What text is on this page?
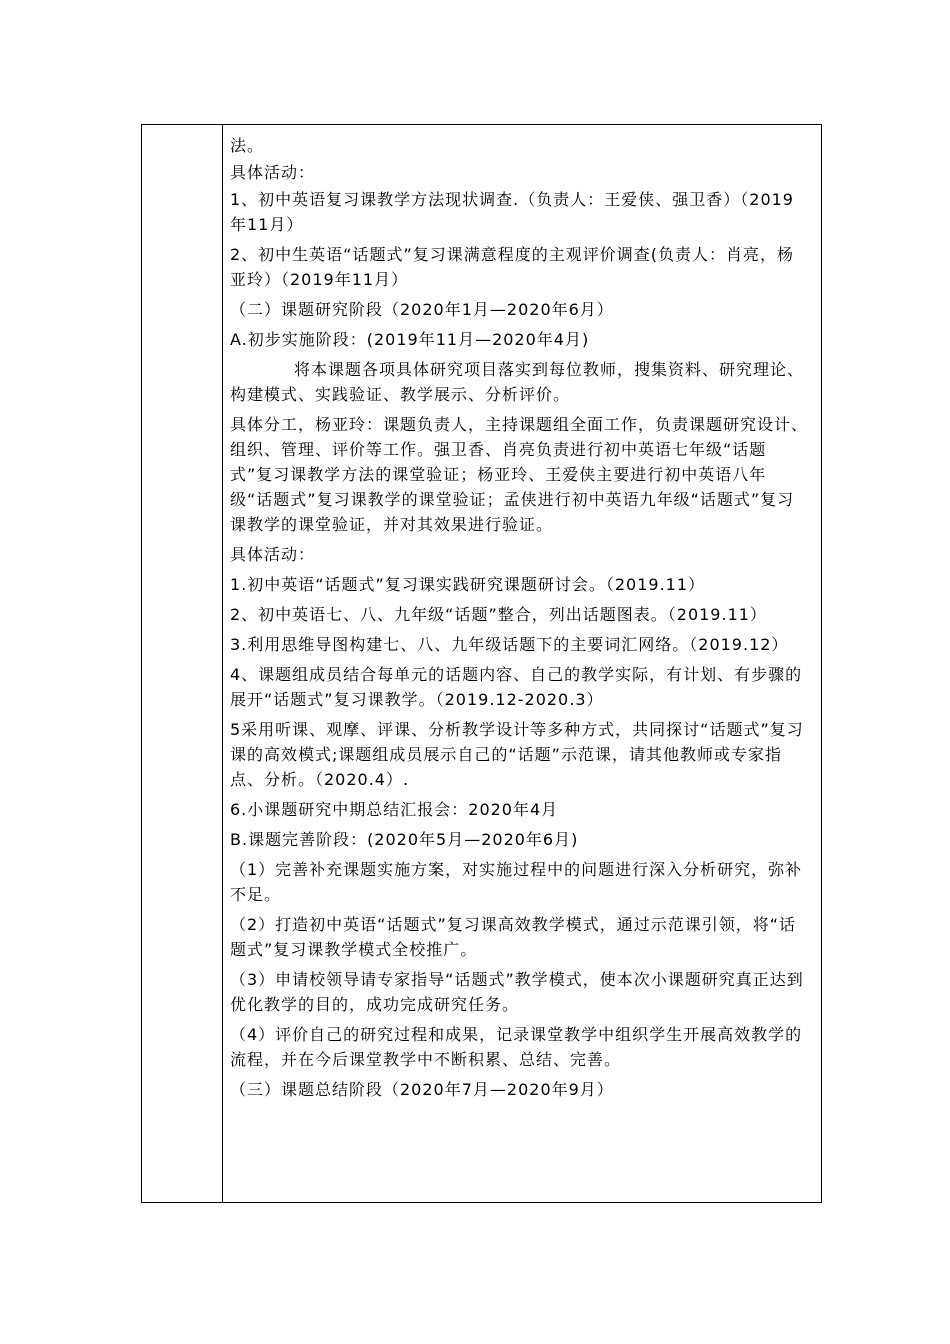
法。

具体活动：

1、初中英语复习课教学方法现状调查.（负责人：王爱侠、强卫香）（2019年11月）

2、初中生英语“话题式”复习课满意程度的主观评价调查(负责人：肖亮，杨亚玲）（2019年11月）

（二）课题研究阶段（2020年1月—2020年6月）

A.初步实施阶段：(2019年11月—2020年4月)

将本课题各项具体研究项目落实到每位教师，搜集资料、研究理论、构建模式、实践验证、教学展示、分析评价。

具体分工，杨亚玲：课题负责人，主持课题组全面工作，负责课题研究设计、组织、管理、评价等工作。强卫香、肖亮负责进行初中英语七年级“话题式”复习课教学方法的课堂验证；杨亚玲、王爱侠主要进行初中英语八年级“话题式”复习课教学的课堂验证；孟侠进行初中英语九年级“话题式”复习课教学的课堂验证，并对其效果进行验证。

具体活动：

1.初中英语“话题式”复习课实践研究课题研讨会。（2019.11）

2、初中英语七、八、九年级“话题”整合，列出话题图表。（2019.11）

3.利用思维导图构建七、八、九年级话题下的主要词汇网络。（2019.12）

4、课题组成员结合每单元的话题内容、自己的教学实际，有计划、有步骤的展开“话题式”复习课教学。（2019.12-2020.3）

5采用听课、观摩、评课、分析教学设计等多种方式，共同探讨“话题式”复习课的高效模式;课题组成员展示自己的“话题”示范课，请其他教师或专家指点、分析。（2020.4）.

6.小课题研究中期总结汇报会：2020年4月

B.课题完善阶段：(2020年5月—2020年6月)

（1）完善补充课题实施方案，对实施过程中的问题进行深入分析研究，弥补不足。

（2）打造初中英语“话题式”复习课高效教学模式，通过示范课引领，将“话题式”复习课教学模式全校推广。

（3）申请校领导请专家指导“话题式”教学模式，使本次小课题研究真正达到优化教学的目的，成功完成研究任务。

（4）评价自己的研究过程和成果，记录课堂教学中组织学生开展高效教学的流程，并在今后课堂教学中不断积累、总结、完善。

（三）课题总结阶段（2020年7月—2020年9月）
